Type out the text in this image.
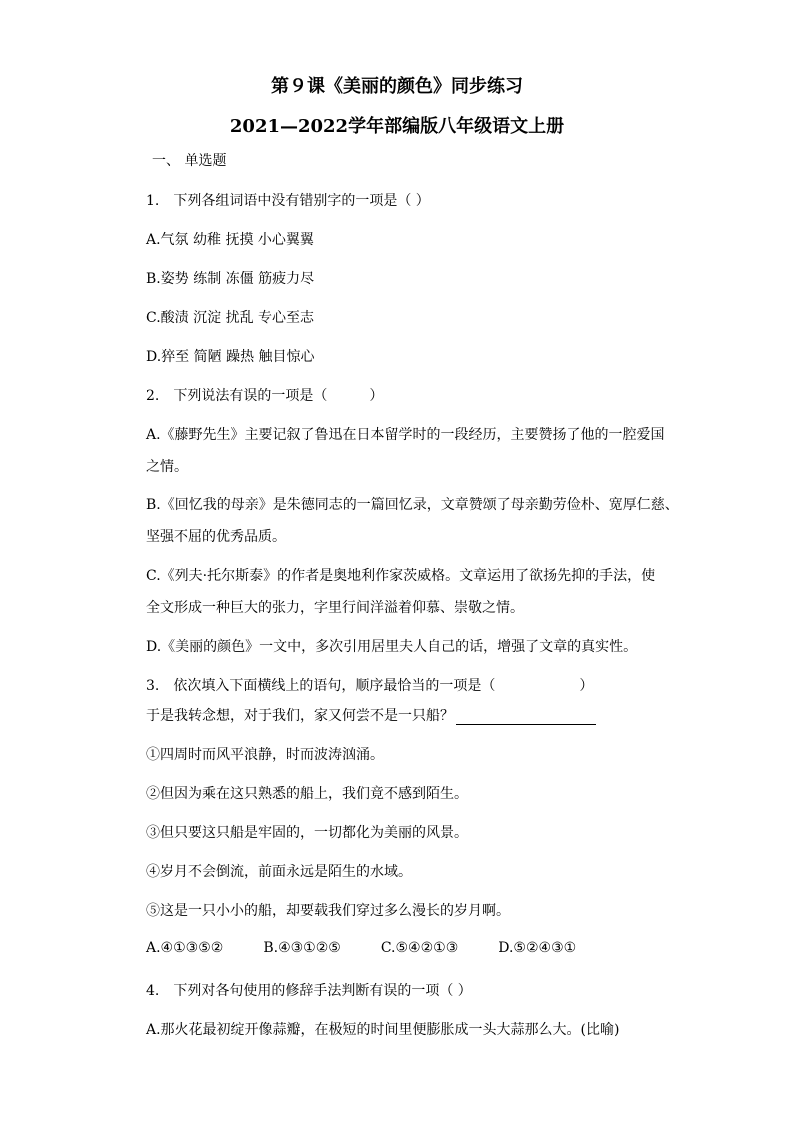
第９课《美丽的颜色》同步练习
2021—2022学年部编版八年级语文上册
一、 单选题
1.　下列各组词语中没有错别字的一项是（ ）
A.气氛 幼稚 抚摸 小心翼翼
B.姿势 练制 冻僵 筋疲力尽
C.酸渍 沉淀 扰乱 专心至志
D.猝至 简陋 躁热 触目惊心
2.　下列说法有误的一项是（　　　）
A.《藤野先生》主要记叙了鲁迅在日本留学时的一段经历，主要赞扬了他的一腔爱国
之情。
B.《回忆我的母亲》是朱德同志的一篇回忆录，文章赞颂了母亲勤劳俭朴、宽厚仁慈、
坚强不屈的优秀品质。
C.《列夫·托尔斯泰》的作者是奥地利作家茨威格。文章运用了欲扬先抑的手法，使
全文形成一种巨大的张力，字里行间洋溢着仰慕、崇敬之情。
D.《美丽的颜色》一文中，多次引用居里夫人自己的话，增强了文章的真实性。
3.　依次填入下面横线上的语句，顺序最恰当的一项是（　　　　　　）
于是我转念想，对于我们，家又何尝不是一只船？
①四周时而风平浪静，时而波涛汹涌。
②但因为乘在这只熟悉的船上，我们竟不感到陌生。
③但只要这只船是牢固的，一切都化为美丽的风景。
④岁月不会倒流，前面永远是陌生的水域。
⑤这是一只小小的船，却要载我们穿过多么漫长的岁月啊。
A.④①③⑤②	B.④③①②⑤	C.⑤④②①③	D.⑤②④③①
4.　下列对各句使用的修辞手法判断有误的一项（ ）
A.那火花最初绽开像蒜瓣，在极短的时间里便膨胀成一头大蒜那么大。(比喻)
